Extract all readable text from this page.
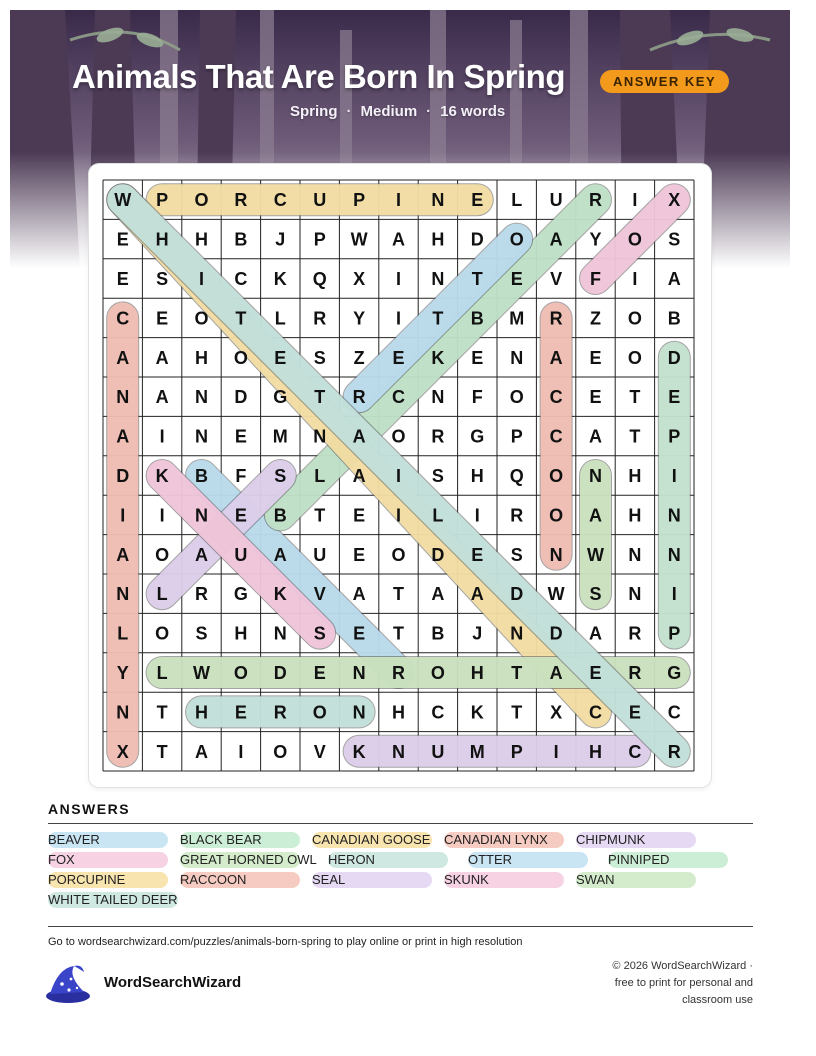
Animals That Are Born In Spring	ANSWER KEY
Spring · Medium · 16 words
W P O R C U P I N E L U R I X
E H H B J P W A H D O A Y O S
E S I C K Q X I N T E V F I A
C E O T L R Y I T B M R Z O B
A A H O E S Z E K E N A E O D
N A N D G T R C N F O C E T E
A I N E M N A O R G P C A T P
D K B F S L A I S H Q O N H I
I I N E B T E I L I R O A H N
A O A U A U E O D E S N W N N
N L R G K V A T A A D W S N I
L O S H N S E T B J N D A R P
Y L W O D E N R O H T A E R G
N T H E R O N H C K T X C E C
X T A I O V K N U M P I H C R
ANSWERS
BEAVER	BLACK BEAR	CANADIAN GOOSE CANADIAN LYNX CHIPMUNK
FOX	GREAT HORNED OWL HERON	OTTER	PINNIPED
PORCUPINE	RACCOON	SEAL	SKUNK	SWAN
WHITE TAILED DEER
Go to wordsearchwizard.com/puzzles/animals-born-spring to play online or print in high resolution
WordSearchWizard
© 2026 WordSearchWizard ·
free to print for personal and
classroom use
